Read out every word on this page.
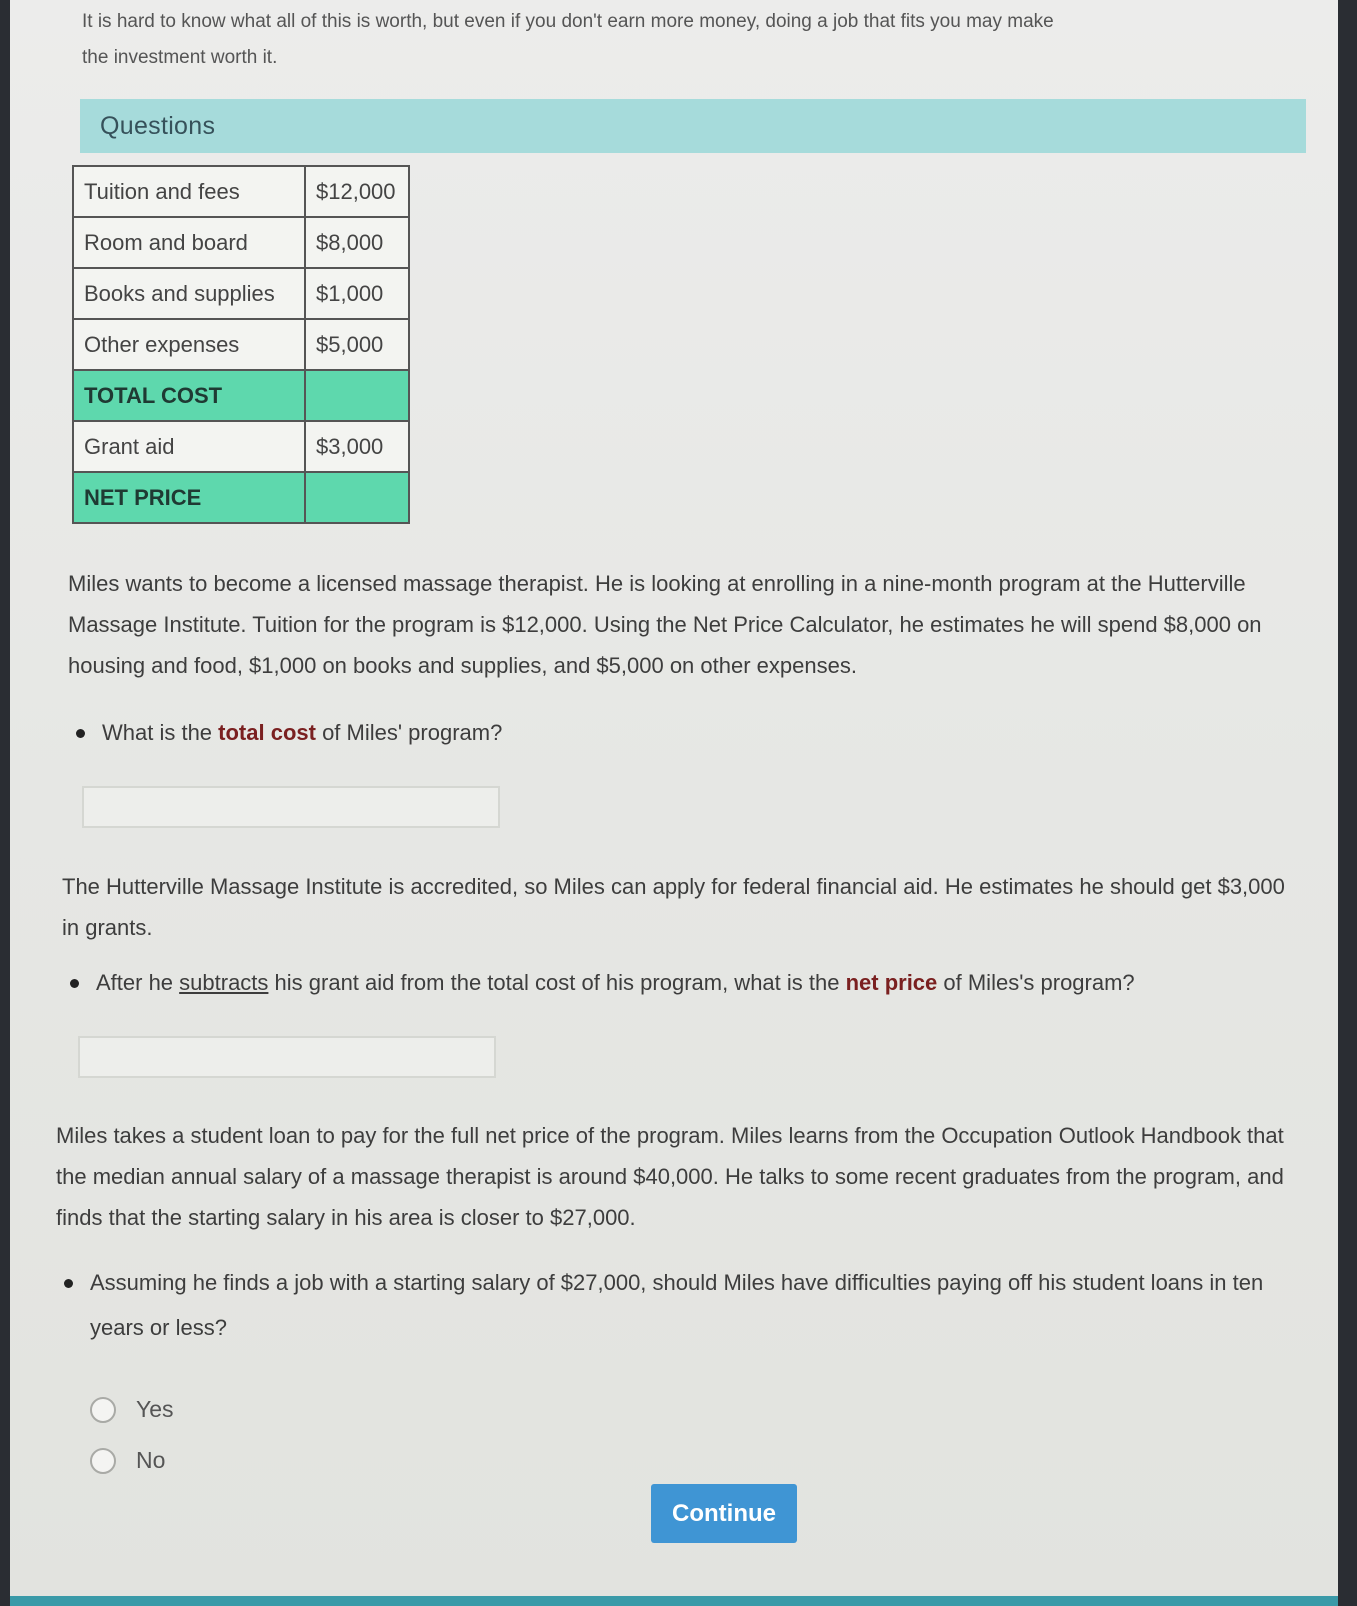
It is hard to know what all of this is worth, but even if you don't earn more money, doing a job that fits you may make
the investment worth it.

Questions
Tuition and fees	$12,000
Room and board	$8,000
Books and supplies	$1,000
Other expenses	$5,000
TOTAL COST	
Grant aid	$3,000
NET PRICE	

Miles wants to become a licensed massage therapist. He is looking at enrolling in a nine-month program at the Hutterville Massage Institute. Tuition for the program is $12,000. Using the Net Price Calculator, he estimates he will spend $8,000 on housing and food, $1,000 on books and supplies, and $5,000 on other expenses.

What is the total cost of Miles' program?

The Hutterville Massage Institute is accredited, so Miles can apply for federal financial aid. He estimates he should get $3,000 in grants.

After he subtracts his grant aid from the total cost of his program, what is the net price of Miles's program?

Miles takes a student loan to pay for the full net price of the program. Miles learns from the Occupation Outlook Handbook that the median annual salary of a massage therapist is around $40,000. He talks to some recent graduates from the program, and finds that the starting salary in his area is closer to $27,000.

Assuming he finds a job with a starting salary of $27,000, should Miles have difficulties paying off his student loans in ten years or less?

Yes
No
Continue
